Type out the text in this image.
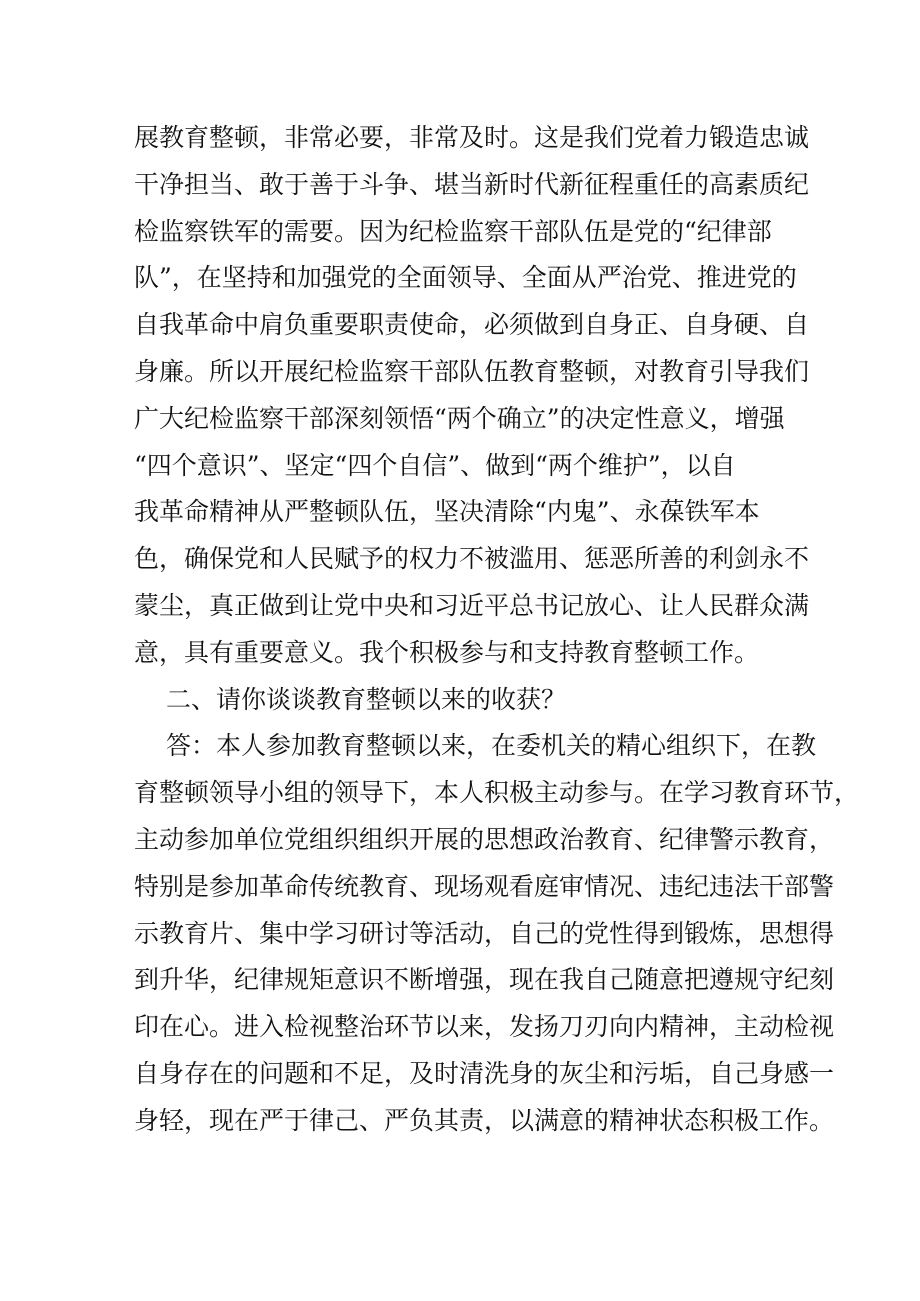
展教育整顿，非常必要，非常及时。这是我们党着力锻造忠诚
干净担当、敢于善于斗争、堪当新时代新征程重任的高素质纪
检监察铁军的需要。因为纪检监察干部队伍是党的“纪律部
队”，在坚持和加强党的全面领导、全面从严治党、推进党的
自我革命中肩负重要职责使命，必须做到自身正、自身硬、自
身廉。所以开展纪检监察干部队伍教育整顿，对教育引导我们
广大纪检监察干部深刻领悟“两个确立”的决定性意义，增强
“四个意识”、坚定“四个自信”、做到“两个维护”，以自
我革命精神从严整顿队伍，坚决清除“内鬼”、永葆铁军本
色，确保党和人民赋予的权力不被滥用、惩恶所善的利剑永不
蒙尘，真正做到让党中央和习近平总书记放心、让人民群众满
意，具有重要意义。我个积极参与和支持教育整顿工作。
二、请你谈谈教育整顿以来的收获？
答：本人参加教育整顿以来，在委机关的精心组织下，在教
育整顿领导小组的领导下，本人积极主动参与。在学习教育环节，
主动参加单位党组织组织开展的思想政治教育、纪律警示教育，
特别是参加革命传统教育、现场观看庭审情况、违纪违法干部警
示教育片、集中学习研讨等活动，自己的党性得到锻炼，思想得
到升华，纪律规矩意识不断增强，现在我自己随意把遵规守纪刻
印在心。进入检视整治环节以来，发扬刀刃向内精神，主动检视
自身存在的问题和不足，及时清洗身的灰尘和污垢，自己身感一
身轻，现在严于律己、严负其责，以满意的精神状态积极工作。
